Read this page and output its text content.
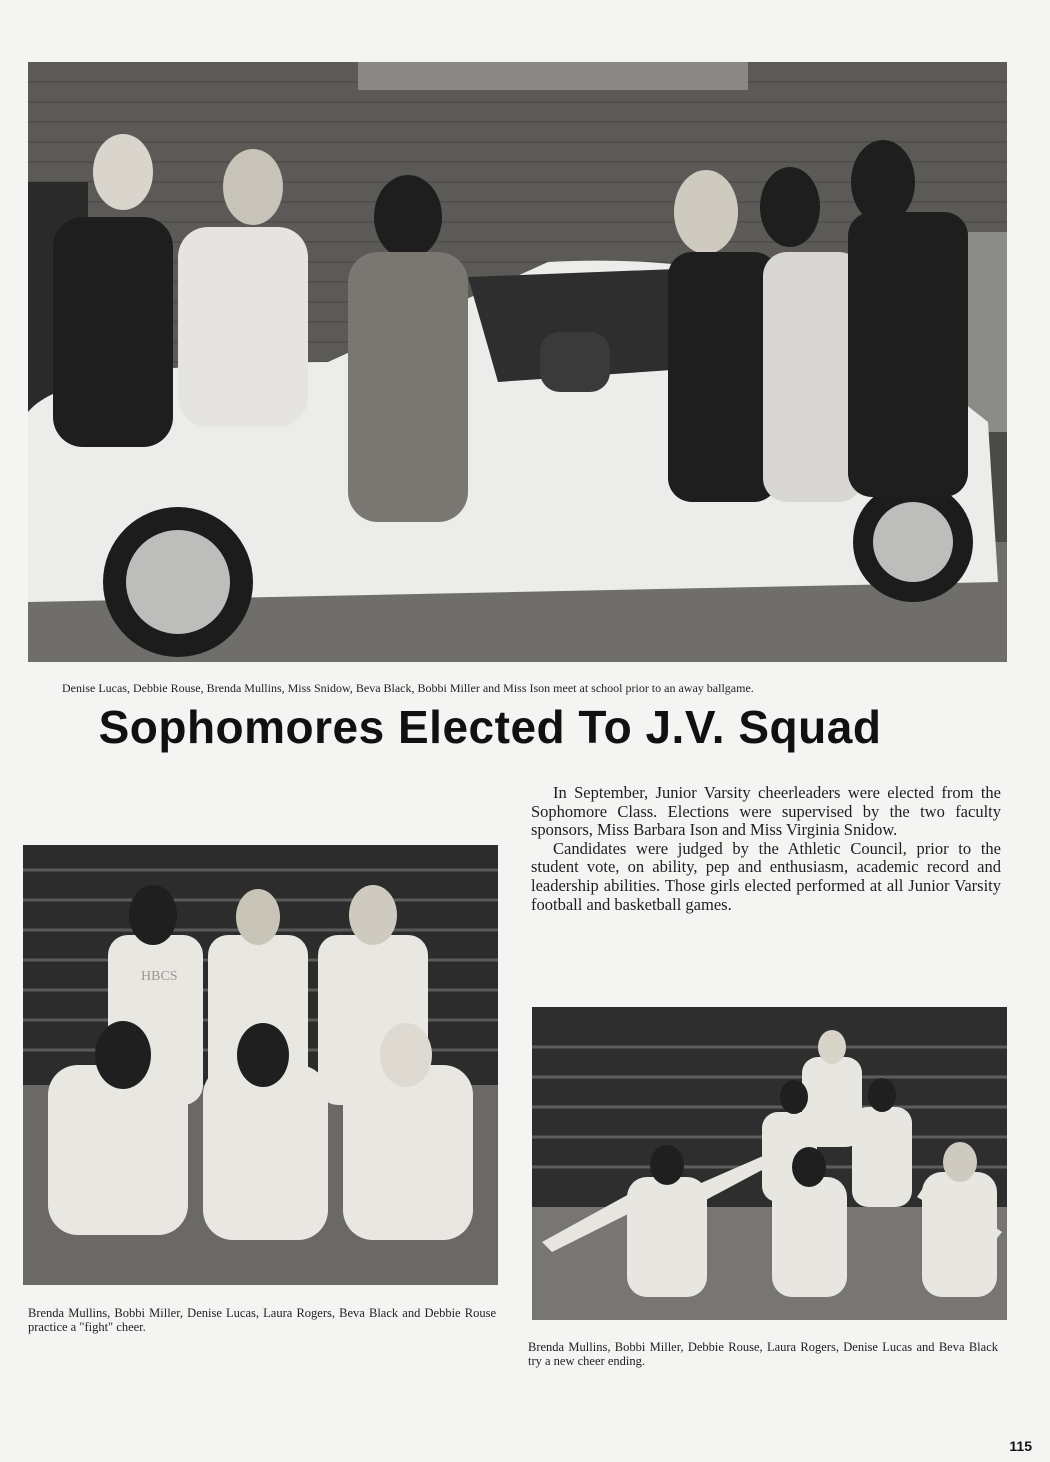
Denise Lucas, Debbie Rouse, Brenda Mullins, Miss Snidow, Beva Black, Bobbi Miller and Miss Ison meet at school prior to an away ballgame.
Sophomores Elected To J.V. Squad

In September, Junior Varsity cheerleaders were elected from the Sophomore Class. Elections were supervised by the two faculty sponsors, Miss Barbara Ison and Miss Virginia Snidow.

Candidates were judged by the Athletic Council, prior to the student vote, on ability, pep and enthusiasm, academic record and leadership abilities. Those girls elected performed at all Junior Varsity football and basketball games.

HBCS
Brenda Mullins, Bobbi Miller, Denise Lucas, Laura Rogers, Beva Black and Debbie Rouse practice a "fight" cheer.
Brenda Mullins, Bobbi Miller, Debbie Rouse, Laura Rogers, Denise Lucas and Beva Black try a new cheer ending.
115
